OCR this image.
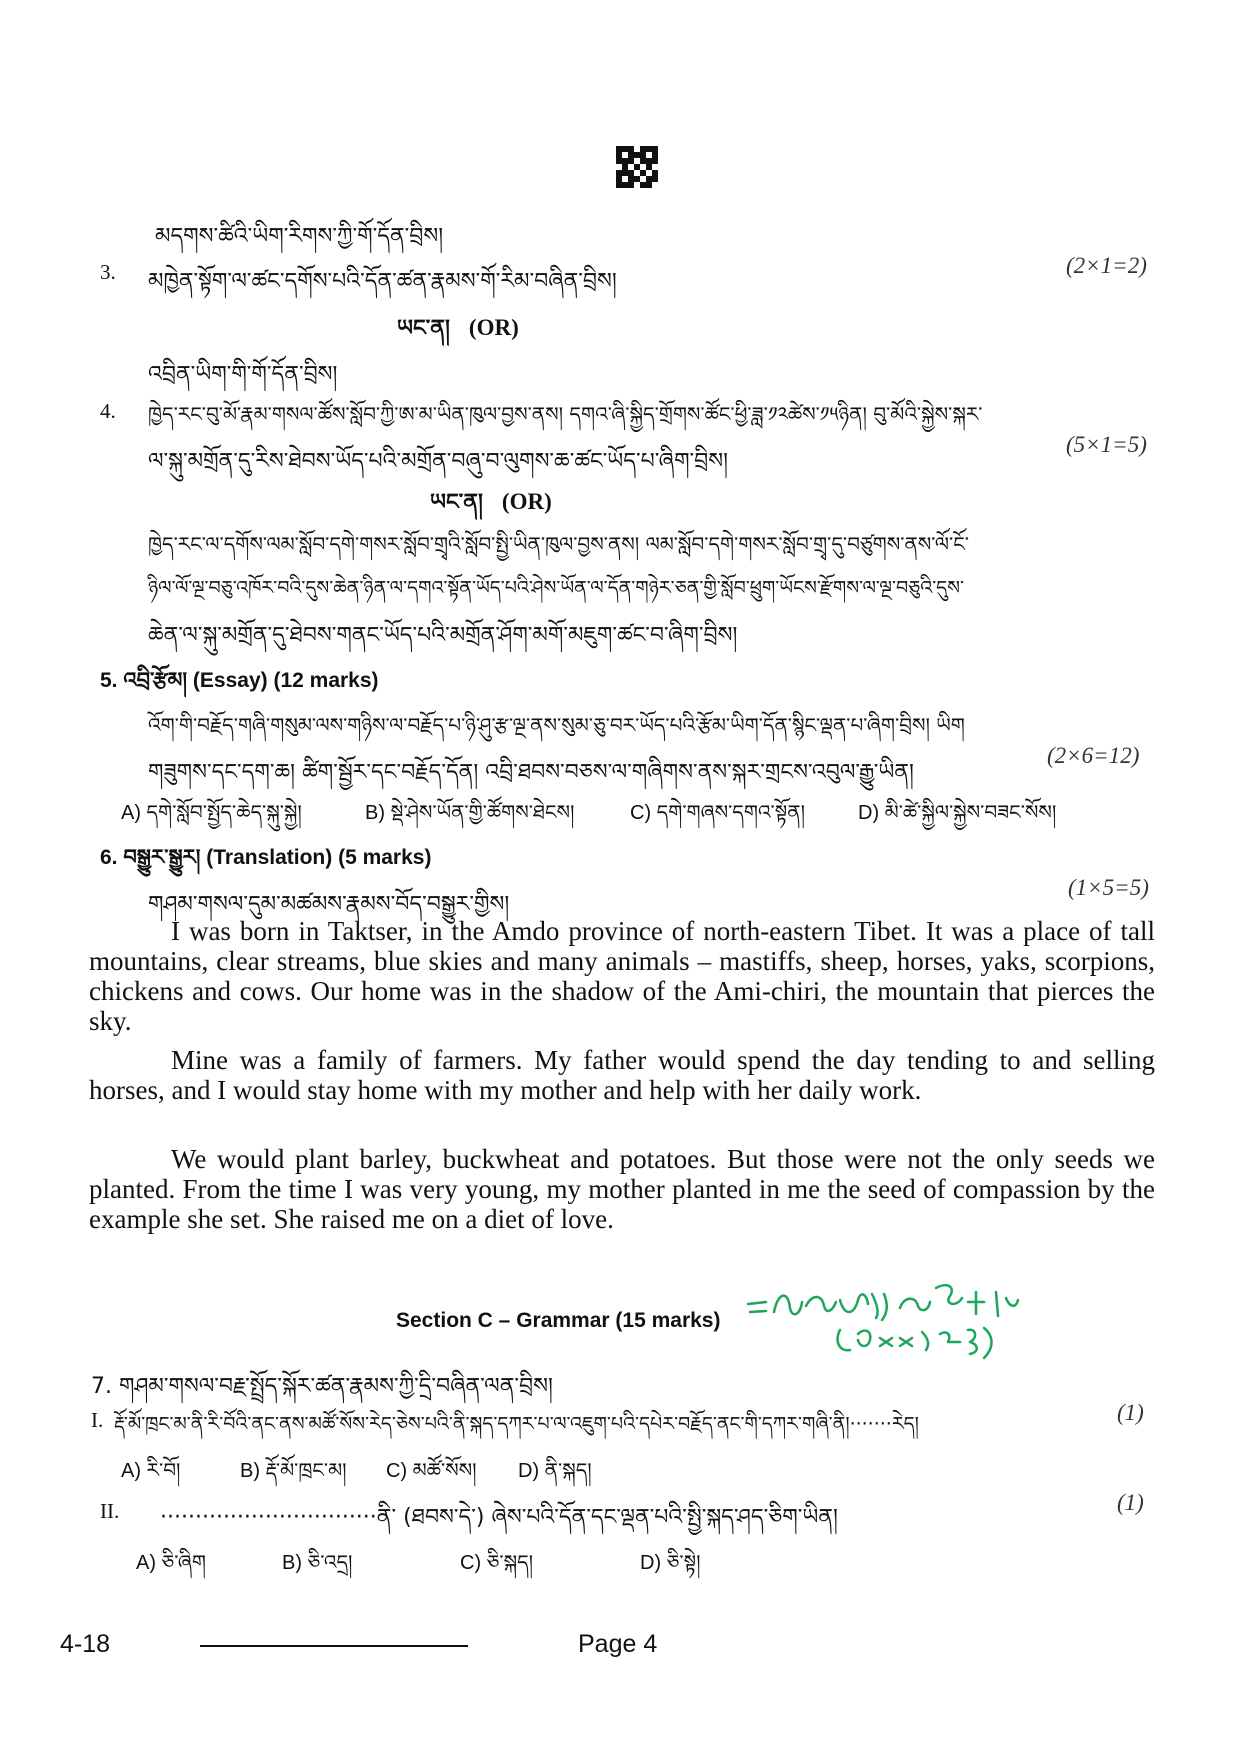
མདགས་ཚིའི་ཡིག་རིགས་ཀྱི་གོ་དོན་བྲིས།
3. མཁྱེན་སྟོག་ལ་ཚང་དགོས་པའི་དོན་ཚན་རྣམས་གོ་རིམ་བཞིན་བྲིས།
(2×1=2)
ཡང་ན། (OR)
འབྲིན་ཡིག་གི་གོ་དོན་བྲིས།
4. ཁྱེད་རང་བུ་མོ་རྣམ་གསལ་ཚོས་སློབ་ཀྱི་ཨ་མ་ཡིན་ཁུལ་བྱས་ནས། དགའ་ཞི་སྐྱིད་གྲོགས་ཚོང་ཕྱི་ཟླ་༡༢ཚེས་༡༥ཉིན། བུ་མོའི་སྐྱེས་སྐར་
ལ་སྐུ་མགྲོན་དུ་རིས་ཐེབས་ཡོད་པའི་མགྲོན་བཞུ་བ་ལུགས་ཆ་ཚང་ཡོད་པ་ཞིག་བྲིས།
(5×1=5)
ཡང་ན། (OR)
ཁྱེད་རང་ལ་དགོས་ལམ་སློབ་དགེ་གསར་སློབ་གྲྭའི་སློབ་སྤྱི་ཡིན་ཁུལ་བྱས་ནས། ལམ་སློབ་དགེ་གསར་སློབ་གྲྭ་དུ་བཙུགས་ནས་ལོ་ངོ་
ཉིལ་ལོ་ལྔ་བཅུ་འཁོར་བའི་དུས་ཆེན་ཉིན་ལ་དགའ་སྟོན་ཡོད་པའི་ཤེས་ཡོན་ལ་དོན་གཉེར་ཅན་གྱི་སློབ་ཕྲུག་ཡོངས་རྫོགས་ལ་ལྔ་བཅུའི་དུས་
ཆེན་ལ་སྐུ་མགྲོན་དུ་ཐེབས་གནང་ཡོད་པའི་མགྲོན་ཤོག་མགོ་མཇུག་ཚང་བ་ཞིག་བྲིས།
5. འབྲི་རྩོམ། (Essay) (12 marks)
འོག་གི་བརྗོད་གཞི་གསུམ་ལས་གཉིས་ལ་བརྗོད་པ་ཉི་ཤུ་རྩ་ལྔ་ནས་སུམ་ཅུ་བར་ཡོད་པའི་རྩོམ་ཡིག་དོན་སྙིང་ལྡན་པ་ཞིག་བྲིས། ཡིག
གཟུགས་དང་དག་ཆ། ཚིག་སྦྱོར་དང་བརྗོད་དོན། འབྲི་ཐབས་བཅས་ལ་གཞིགས་ནས་སྐར་གྲངས་འབུལ་རྒྱུ་ཡིན།
(2×6=12)
A) དགེ་སློབ་སྤྱོད་ཆེད་སྐུ་སྐྱེ།	B) སྡེ་ཤེས་ཡོན་གྱི་ཚོགས་ཐེངས།	C) དགེ་གཞས་དགའ་སྟོན།	D) མི་ཚེ་སྐྱིལ་སྐྱེས་བཟང་སོས།
6. བསྒྱུར་སྒྱུར། (Translation) (5 marks)
གཤམ་གསལ་དུམ་མཚམས་རྣམས་བོད་བསྒྱུར་གྱིས།
(1×5=5)
I was born in Taktser, in the Amdo province of north-eastern Tibet. It was a place of tall mountains, clear streams, blue skies and many animals – mastiffs, sheep, horses, yaks, scorpions, chickens and cows. Our home was in the shadow of the Ami-chiri, the mountain that pierces the sky.
Mine was a family of farmers. My father would spend the day tending to and selling horses, and I would stay home with my mother and help with her daily work.
We would plant barley, buckwheat and potatoes. But those were not the only seeds we planted. From the time I was very young, my mother planted in me the seed of compassion by the example she set. She raised me on a diet of love.
Section C – Grammar (15 marks)
7. གཤམ་གསལ་བརྗ་སྤྲོད་སྐོར་ཚན་རྣམས་ཀྱི་དྲི་བཞིན་ལན་བྲིས།
I. རྡོ་མོ་ཁྲང་མ་ནི་རི་བོའི་ནང་ནས་མཚོ་སོས་རེད་ཅེས་པའི་ནི་སྐད་དཀར་པ་ལ་འཇུག་པའི་དཔེར་བརྗོད་ནང་གི་དཀར་གཞི་ནི།·······རེད།	(1)
A) རི་བོ།	B) རྡོ་མོ་ཁྲང་མ། C) མཚོ་སོས། D) ནི་སྐད།
II. ·······························ནི་ (ཐབས་དེ་) ཞེས་པའི་དོན་དང་ལྡན་པའི་སྤྱི་སྐད་ཤད་ཅིག་ཡིན།
(1)
A) ཅི་ཞིག	B) ཅི་འདྲ།	C) ཅི་སྐད།	D) ཅི་སྟེ།
4-18	Page 4
